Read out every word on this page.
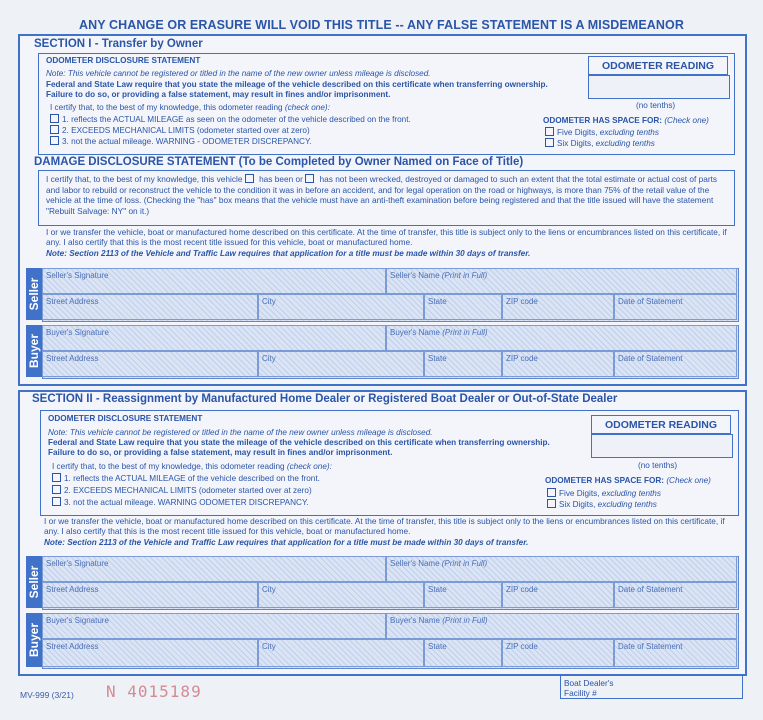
ANY CHANGE OR ERASURE WILL VOID THIS TITLE -- ANY FALSE STATEMENT IS A MISDEMEANOR
SECTION I - Transfer by Owner
ODOMETER DISCLOSURE STATEMENT
Note: This vehicle cannot be registered or titled in the name of the new owner unless mileage is disclosed.
Federal and State Law require that you state the mileage of the vehicle described on this certificate when transferring ownership.
Failure to do so, or providing a false statement, may result in fines and/or imprisonment.
I certify that, to the best of my knowledge, this odometer reading (check one):
1. reflects the ACTUAL MILEAGE as seen on the odometer of the vehicle described on the front.
2. EXCEEDS MECHANICAL LIMITS (odometer started over at zero)
3. not the actual mileage. WARNING - ODOMETER DISCREPANCY.
ODOMETER READING
(no tenths)
ODOMETER HAS SPACE FOR: (Check one)
Five Digits, excluding tenths
Six Digits, excluding tenths
DAMAGE DISCLOSURE STATEMENT (To be Completed by Owner Named on Face of Title)
I certify that, to the best of my knowledge, this vehicle  has been or  has not been wrecked, destroyed or damaged to such an extent that the total estimate or actual cost of parts and labor to rebuild or reconstruct the vehicle to the condition it was in before an accident, and for legal operation on the road or highways, is more than 75% of the retail value of the vehicle at the time of loss. (Checking the "has" box means that the vehicle must have an anti-theft examination before being registered and that the title issued will have the statement "Rebuilt Salvage: NY" on it.)
I or we transfer the vehicle, boat or manufactured home described on this certificate. At the time of transfer, this title is subject only to the liens or encumbrances listed on this certificate, if any. I also certify that this is the most recent title issued for this vehicle, boat or manufactured home.
Note: Section 2113 of the Vehicle and Traffic Law requires that application for a title must be made within 30 days of transfer.
Seller
Seller's Signature	Seller's Name (Print in Full)
Street Address	City	State	ZIP code	Date of Statement
Buyer
Buyer's Signature	Buyer's Name (Print in Full)
Street Address	City	State	ZIP code	Date of Statement
SECTION II - Reassignment by Manufactured Home Dealer or Registered Boat Dealer or Out-of-State Dealer
ODOMETER DISCLOSURE STATEMENT
Note: This vehicle cannot be registered or titled in the name of the new owner unless mileage is disclosed.
Federal and State Law require that you state the mileage of the vehicle described on this certificate when transferring ownership.
Failure to do so, or providing a false statement, may result in fines and/or imprisonment.
I certify that, to the best of my knowledge, this odometer reading (check one):
1. reflects the ACTUAL MILEAGE of the vehicle described on the front.
2. EXCEEDS MECHANICAL LIMITS (odometer started over at zero)
3. not the actual mileage. WARNING ODOMETER DISCREPANCY.
ODOMETER READING
(no tenths)
ODOMETER HAS SPACE FOR: (Check one)
Five Digits, excluding tenths
Six Digits, excluding tenths
I or we transfer the vehicle, boat or manufactured home described on this certificate. At the time of transfer, this title is subject only to the liens or encumbrances listed on this certificate, if any. I also certify that this is the most recent title issued for this vehicle, boat or manufactured home.
Note: Section 2113 of the Vehicle and Traffic Law requires that application for a title must be made within 30 days of transfer.
Seller
Seller's Signature	Seller's Name (Print in Full)
Street Address	City	State	ZIP code	Date of Statement
Buyer
Buyer's Signature	Buyer's Name (Print in Full)
Street Address	City	State	ZIP code	Date of Statement
MV-999 (3/21) N 4015189	Boat Dealer's
Facility #
